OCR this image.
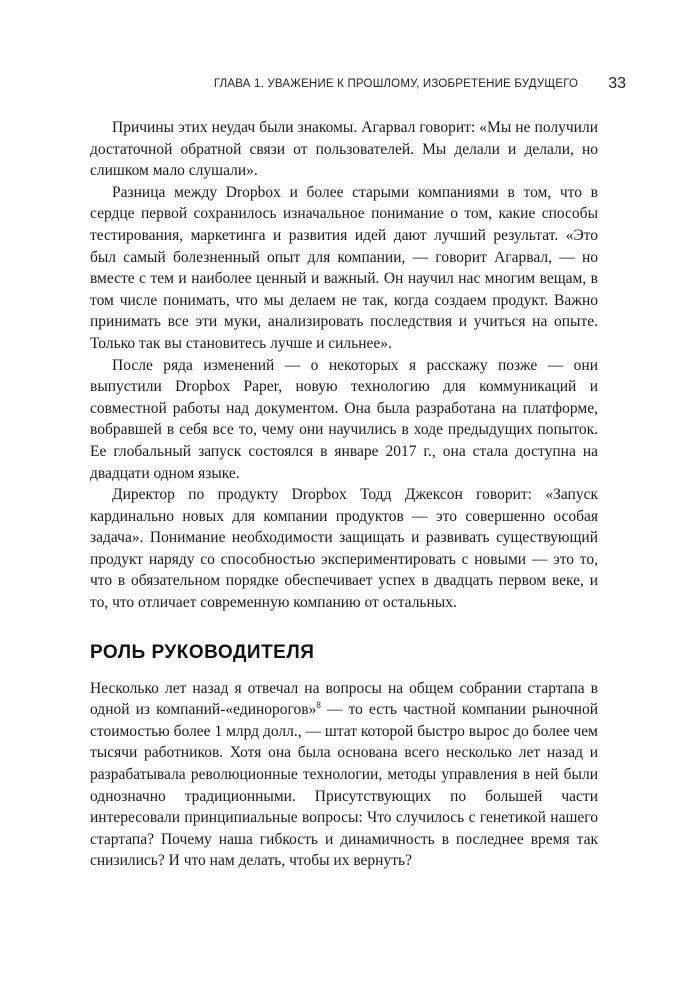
ГЛАВА 1. УВАЖЕНИЕ К ПРОШЛОМУ, ИЗОБРЕТЕНИЕ БУДУЩЕГО 33

Причины этих неудач были знакомы. Агарвал говорит: «Мы не получили достаточной обратной связи от пользователей. Мы делали и делали, но слишком мало слушали».

Разница между Dropbox и более старыми компаниями в том, что в сердце первой сохранилось изначальное понимание о том, какие способы тестирования, маркетинга и развития идей дают лучший результат. «Это был самый болезненный опыт для компании, — говорит Агарвал, — но вместе с тем и наиболее ценный и важный. Он научил нас многим вещам, в том числе понимать, что мы делаем не так, когда создаем продукт. Важно принимать все эти муки, анализировать последствия и учиться на опыте. Только так вы становитесь лучше и сильнее».

После ряда изменений — о некоторых я расскажу позже — они выпустили Dropbox Paper, новую технологию для коммуникаций и совместной работы над документом. Она была разработана на платформе, вобравшей в себя все то, чему они научились в ходе предыдущих попыток. Ее глобальный запуск состоялся в январе 2017 г., она стала доступна на двадцати одном языке.

Директор по продукту Dropbox Тодд Джексон говорит: «Запуск кардинально новых для компании продуктов — это совершенно особая задача». Понимание необходимости защищать и развивать существующий продукт наряду со способностью экспериментировать с новыми — это то, что в обязательном порядке обеспечивает успех в двадцать первом веке, и то, что отличает современную компанию от остальных.

РОЛЬ РУКОВОДИТЕЛЯ

Несколько лет назад я отвечал на вопросы на общем собрании стартапа в одной из компаний-«единорогов»$^8$ — то есть частной компании рыночной стоимостью более 1 млрд долл., — штат которой быстро вырос до более чем тысячи работников. Хотя она была основана всего несколько лет назад и разрабатывала революционные технологии, методы управления в ней были однозначно традиционными. Присутствующих по большей части интересовали принципиальные вопросы: Что случилось с генетикой нашего стартапа? Почему наша гибкость и динамичность в последнее время так снизились? И что нам делать, чтобы их вернуть?
